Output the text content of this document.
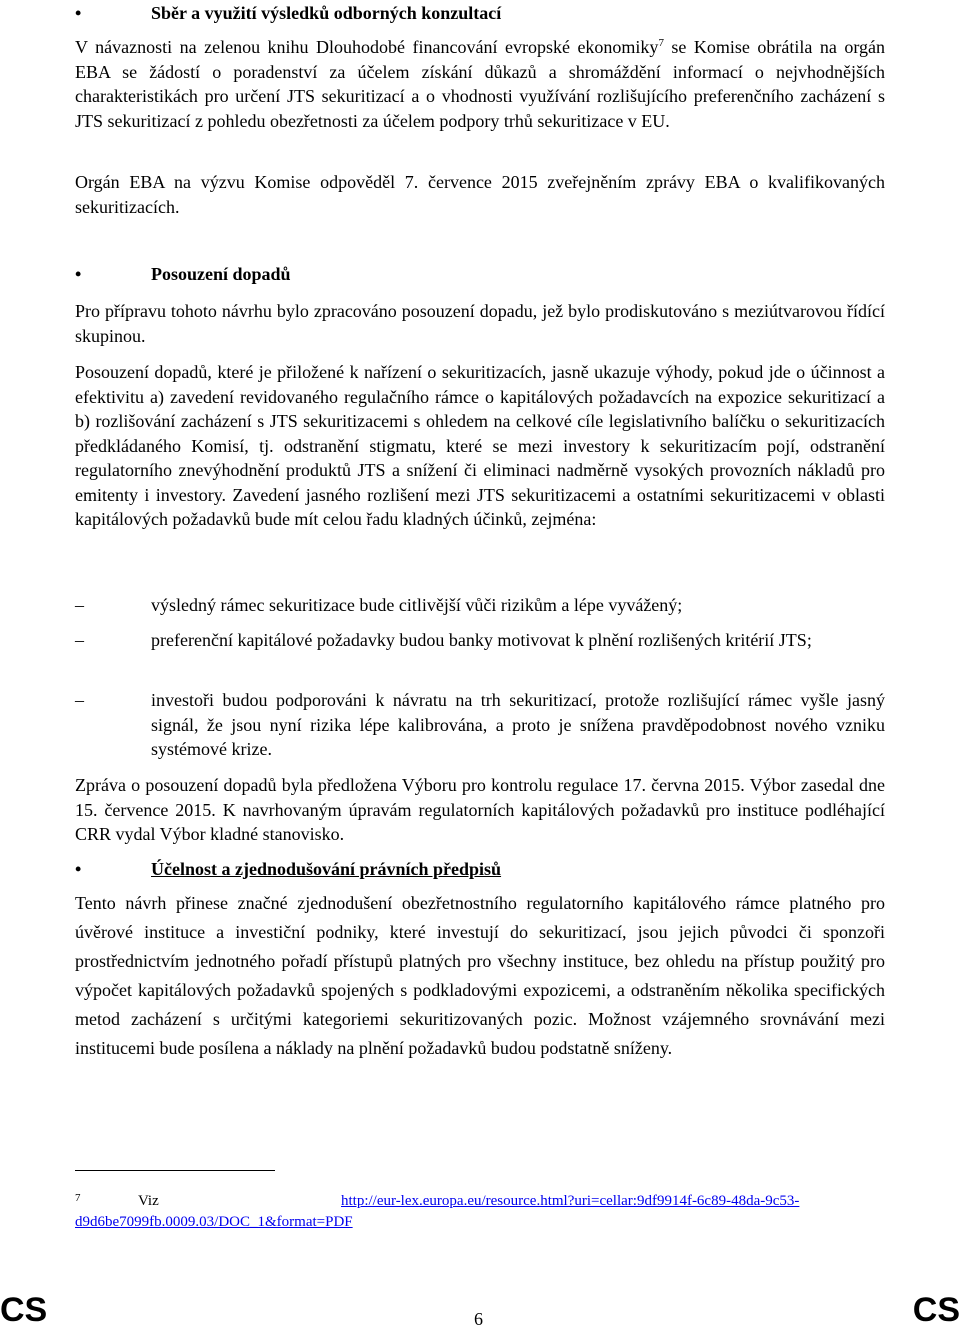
•	Sběr a využití výsledků odborných konzultací

V návaznosti na zelenou knihu Dlouhodobé financování evropské ekonomiky$^7$ se Komise obrátila na orgán EBA se žádostí o poradenství za účelem získání důkazů a shromáždění informací o nejvhodnějších charakteristikách pro určení JTS sekuritizací a o vhodnosti využívání rozlišujícího preferenčního zacházení s JTS sekuritizací z pohledu obezřetnosti za účelem podpory trhů sekuritizace v EU.

Orgán EBA na výzvu Komise odpověděl 7. července 2015 zveřejněním zprávy EBA o kvalifikovaných sekuritizacích.

•	Posouzení dopadů

Pro přípravu tohoto návrhu bylo zpracováno posouzení dopadu, jež bylo prodiskutováno s meziútvarovou řídící skupinou.

Posouzení dopadů, které je přiložené k nařízení o sekuritizacích, jasně ukazuje výhody, pokud jde o účinnost a efektivitu a) zavedení revidovaného regulačního rámce o kapitálových požadavcích na expozice sekuritizací a b) rozlišování zacházení s JTS sekuritizacemi s ohledem na celkové cíle legislativního balíčku o sekuritizacích předkládaného Komisí, tj. odstranění stigmatu, které se mezi investory k sekuritizacím pojí, odstranění regulatorního znevýhodnění produktů JTS a snížení či eliminaci nadměrně vysokých provozních nákladů pro emitenty i investory. Zavedení jasného rozlišení mezi JTS sekuritizacemi a ostatními sekuritizacemi v oblasti kapitálových požadavků bude mít celou řadu kladných účinků, zejména:

–	výsledný rámec sekuritizace bude citlivější vůči rizikům a lépe vyvážený;
–	preferenční kapitálové požadavky budou banky motivovat k plnění rozlišených kritérií JTS;
–	investoři budou podporováni k návratu na trh sekuritizací, protože rozlišující rámec vyšle jasný signál, že jsou nyní rizika lépe kalibrována, a proto je snížena pravděpodobnost nového vzniku systémové krize.

Zpráva o posouzení dopadů byla předložena Výboru pro kontrolu regulace 17. června 2015. Výbor zasedal dne 15. července 2015. K navrhovaným úpravám regulatorních kapitálových požadavků pro instituce podléhající CRR vydal Výbor kladné stanovisko.

•	Účelnost a zjednodušování právních předpisů

Tento návrh přinese značné zjednodušení obezřetnostního regulatorního kapitálového rámce platného pro úvěrové instituce a investiční podniky, které investují do sekuritizací, jsou jejich původci či sponzoři prostřednictvím jednotného pořadí přístupů platných pro všechny instituce, bez ohledu na přístup použitý pro výpočet kapitálových požadavků spojených s podkladovými expozicemi, a odstraněním několika specifických metod zacházení s určitými kategoriemi sekuritizovaných pozic. Možnost vzájemného srovnávání mezi institucemi bude posílena a náklady na plnění požadavků budou podstatně sníženy.

7	Viz	http://eur-lex.europa.eu/resource.html?uri=cellar:9df9914f-6c89-48da-9c53-
d9d6be7099fb.0009.03/DOC_1&format=PDF
CS	6	CS
